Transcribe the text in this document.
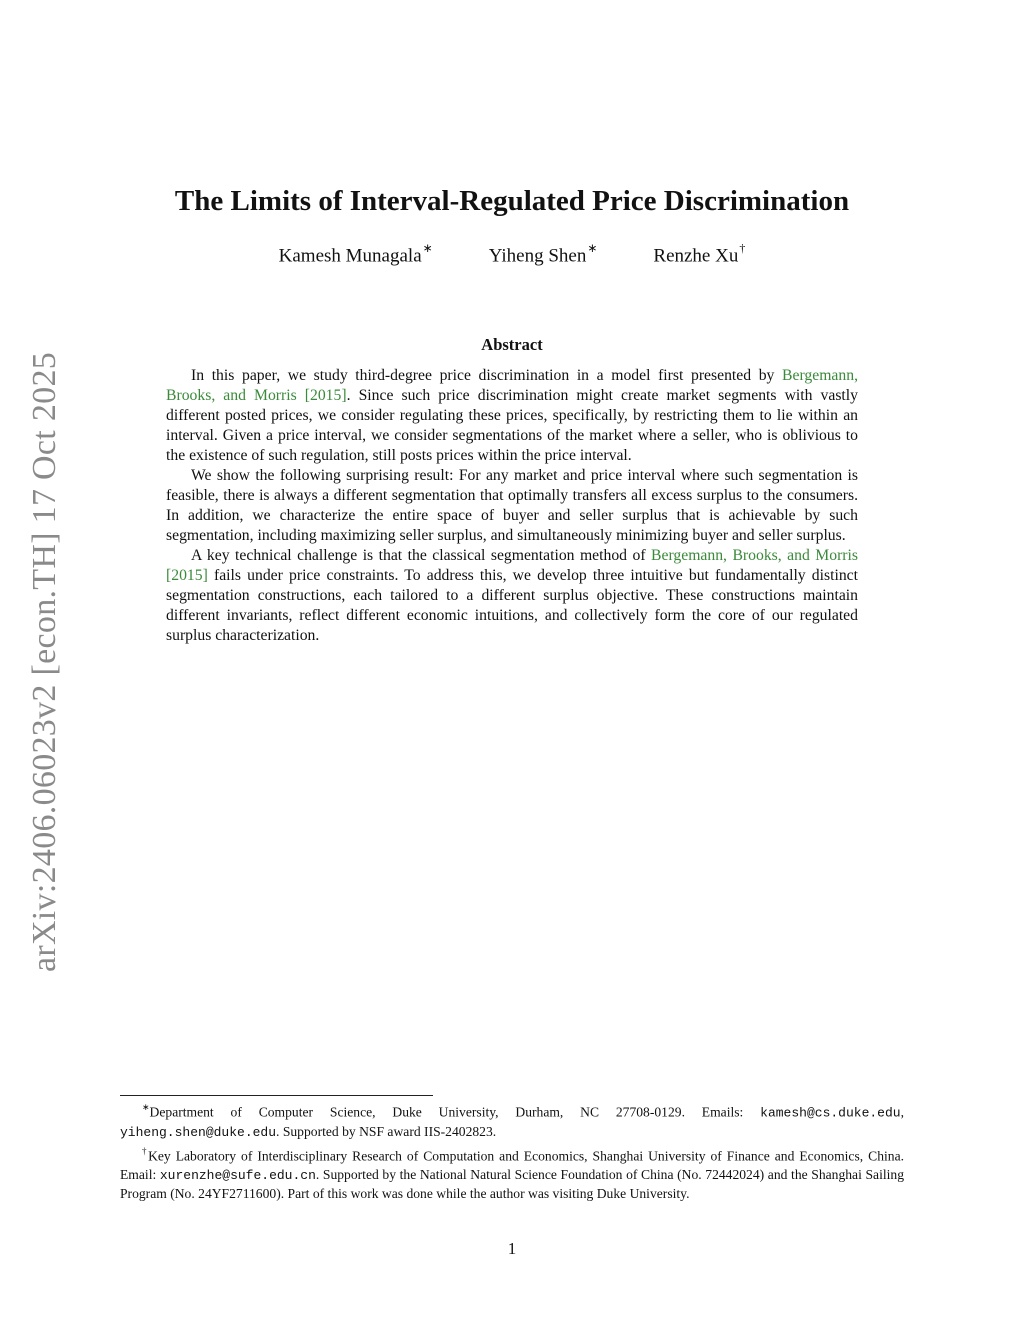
arXiv:2406.06023v2 [econ.TH] 17 Oct 2025
The Limits of Interval-Regulated Price Discrimination
Kamesh Munagala∗	Yiheng Shen∗	Renzhe Xu†
Abstract

In this paper, we study third-degree price discrimination in a model first presented by Bergemann, Brooks, and Morris [2015]. Since such price discrimination might create market segments with vastly different posted prices, we consider regulating these prices, specifically, by restricting them to lie within an interval. Given a price interval, we consider segmentations of the market where a seller, who is oblivious to the existence of such regulation, still posts prices within the price interval.

We show the following surprising result: For any market and price interval where such segmentation is feasible, there is always a different segmentation that optimally transfers all excess surplus to the consumers. In addition, we characterize the entire space of buyer and seller surplus that is achievable by such segmentation, including maximizing seller surplus, and simultaneously minimizing buyer and seller surplus.

A key technical challenge is that the classical segmentation method of Bergemann, Brooks, and Morris [2015] fails under price constraints. To address this, we develop three intuitive but fundamentally distinct segmentation constructions, each tailored to a different surplus objective. These constructions maintain different invariants, reflect different economic intuitions, and collectively form the core of our regulated surplus characterization.

∗Department of Computer Science, Duke University, Durham, NC 27708-0129. Emails: kamesh@cs.duke.edu, yiheng.shen@duke.edu. Supported by NSF award IIS-2402823.

†Key Laboratory of Interdisciplinary Research of Computation and Economics, Shanghai University of Finance and Economics, China. Email: xurenzhe@sufe.edu.cn. Supported by the National Natural Science Foundation of China (No. 72442024) and the Shanghai Sailing Program (No. 24YF2711600). Part of this work was done while the author was visiting Duke University.

1
